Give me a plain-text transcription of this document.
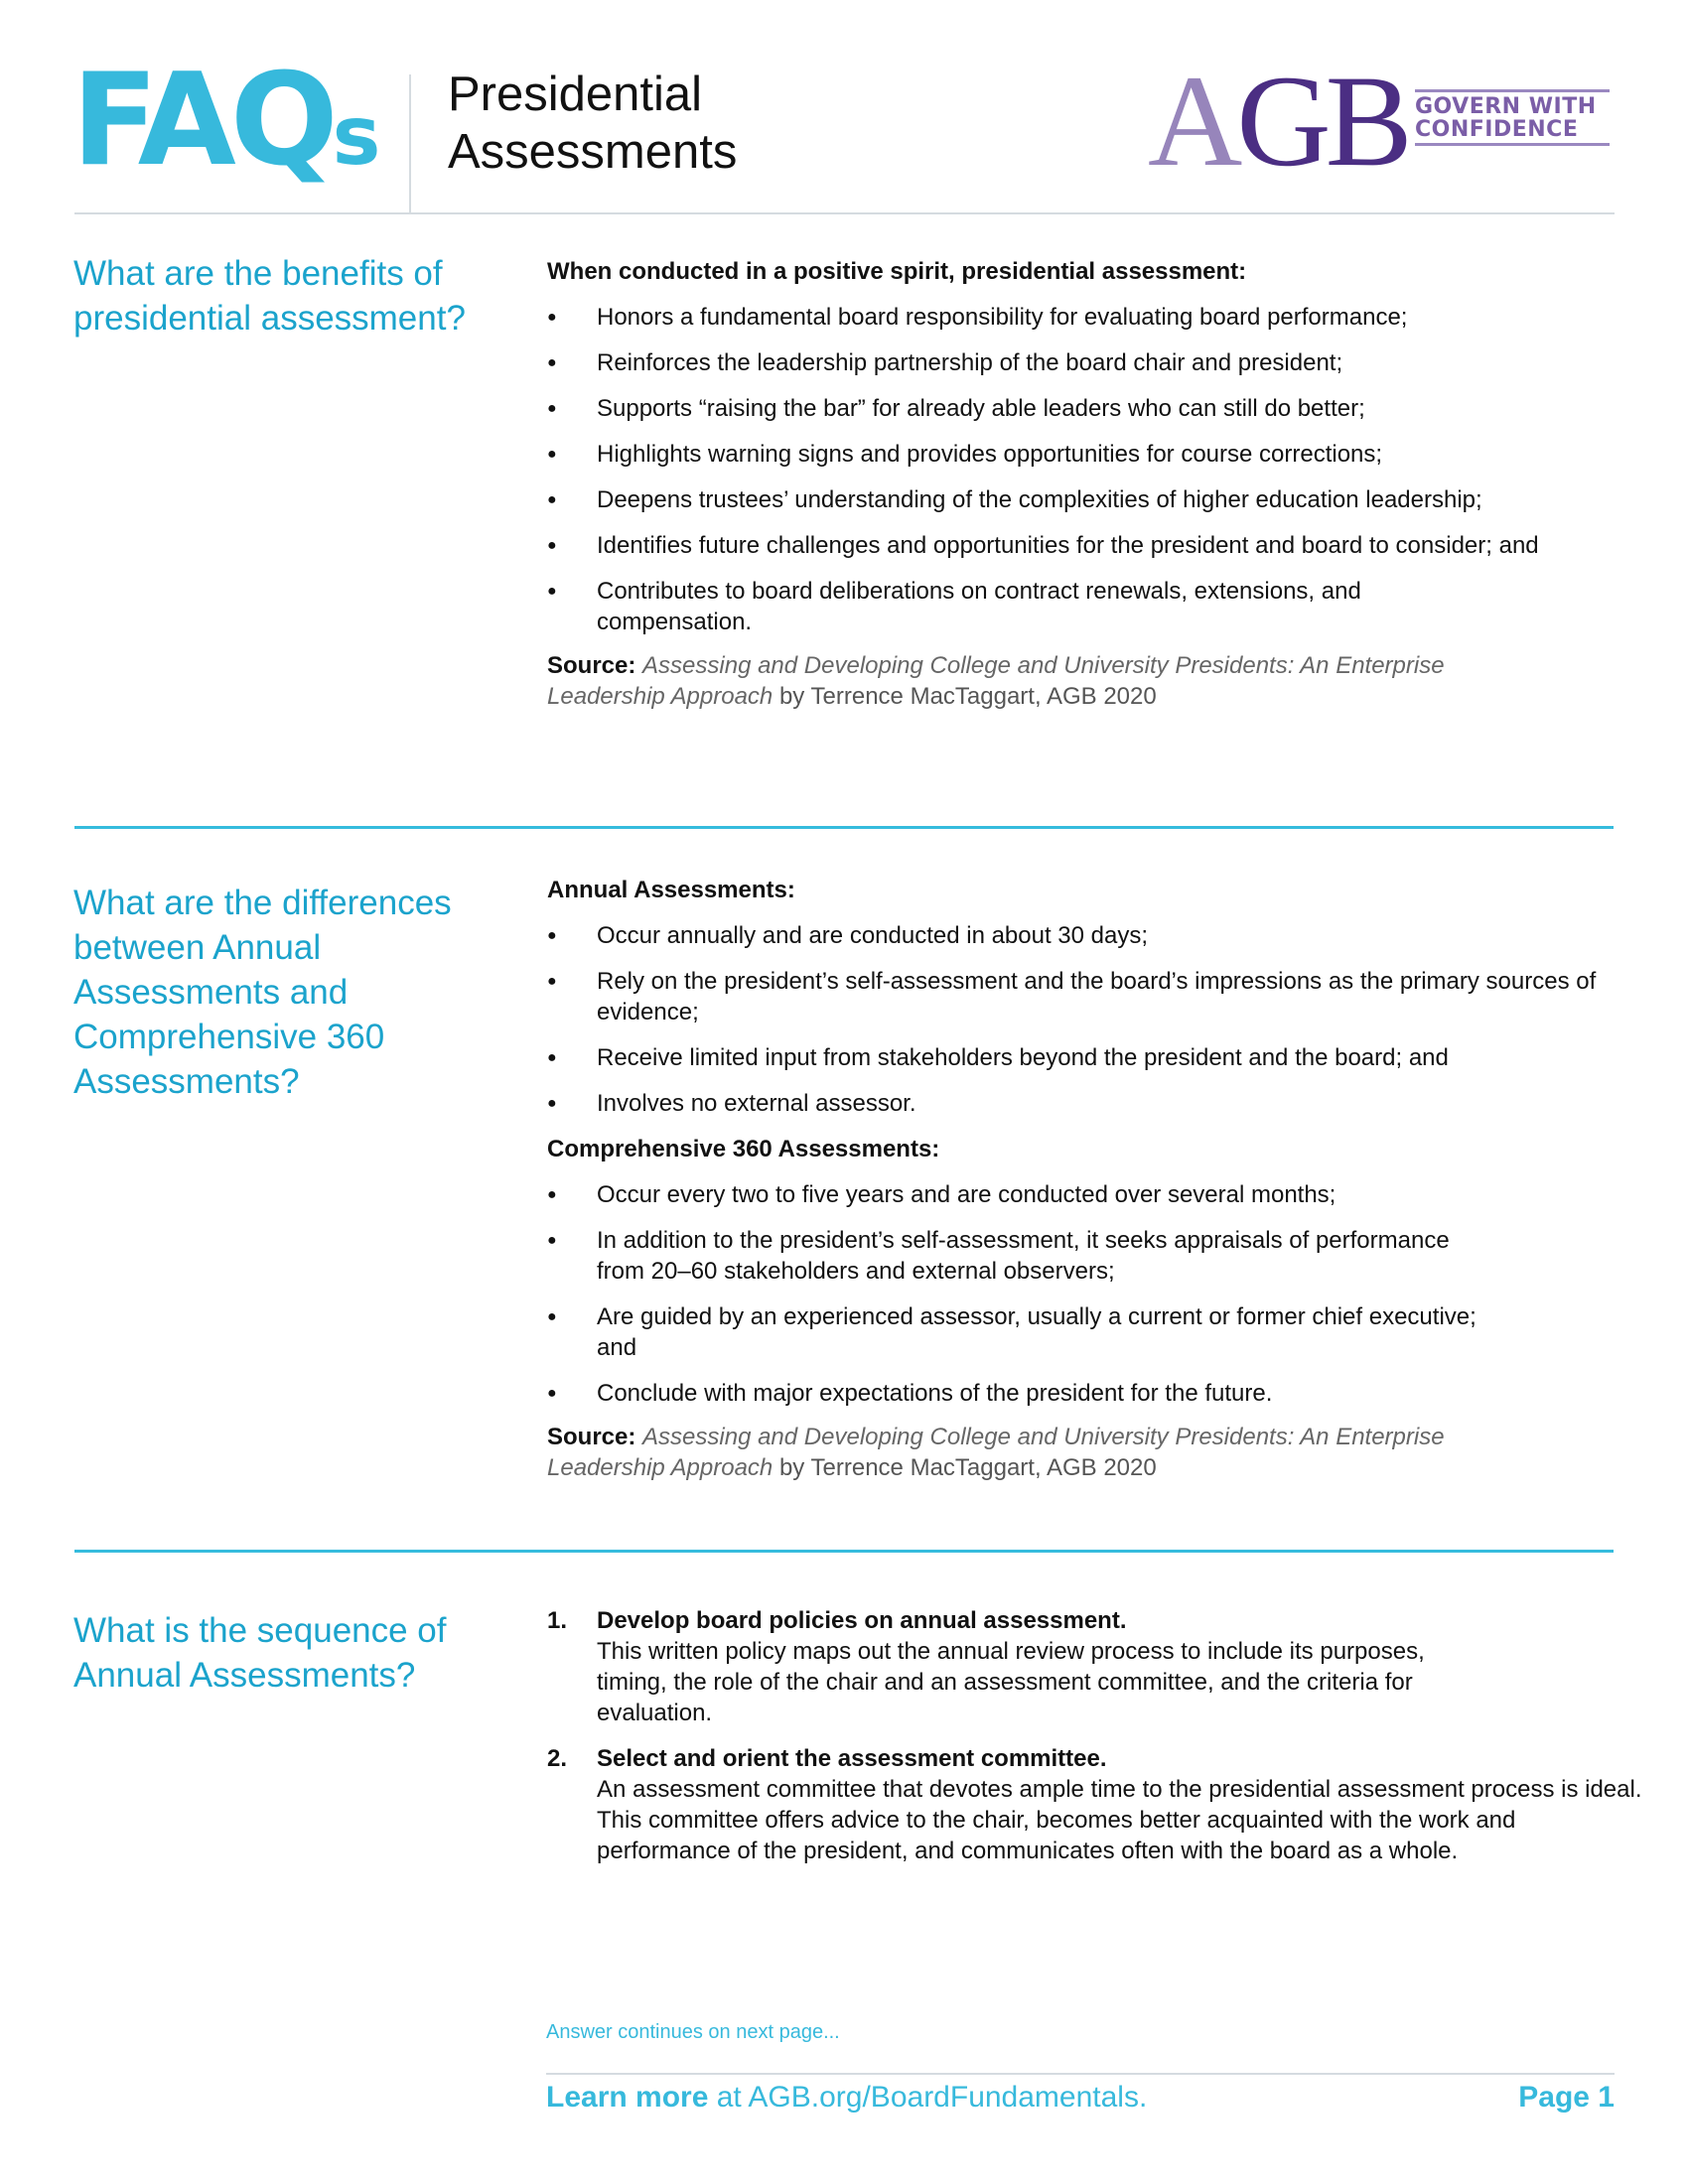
FAQs Presidential
Assessments	AGB GOVERN WITH
CONFIDENCE
What are the benefits of presidential assessment?

When conducted in a positive spirit, presidential assessment:

● Honors a fundamental board responsibility for evaluating board performance;
● Reinforces the leadership partnership of the board chair and president;
● Supports “raising the bar” for already able leaders who can still do better;
● Highlights warning signs and provides opportunities for course corrections;
● Deepens trustees’ understanding of the complexities of higher education leadership;
● Identifies future challenges and opportunities for the president and board to consider; and
● Contributes to board deliberations on contract renewals, extensions, and compensation.
Source: Assessing and Developing College and University Presidents: An Enterprise Leadership Approach by Terrence MacTaggart, AGB 2020
What are the differences between Annual Assessments and Comprehensive 360 Assessments?

Annual Assessments:

● Occur annually and are conducted in about 30 days;
● Rely on the president’s self-assessment and the board’s impressions as the primary sources of evidence;
● Receive limited input from stakeholders beyond the president and the board; and
● Involves no external assessor.

Comprehensive 360 Assessments:

● Occur every two to five years and are conducted over several months;
● In addition to the president’s self-assessment, it seeks appraisals of performance from 20–60 stakeholders and external observers;
● Are guided by an experienced assessor, usually a current or former chief executive; and
● Conclude with major expectations of the president for the future.
Source: Assessing and Developing College and University Presidents: An Enterprise Leadership Approach by Terrence MacTaggart, AGB 2020
What is the sequence of Annual Assessments?
1. Develop board policies on annual assessment.
This written policy maps out the annual review process to include its purposes, timing, the role of the chair and an assessment committee, and the criteria for evaluation.
2. Select and orient the assessment committee.
An assessment committee that devotes ample time to the presidential assessment process is ideal. This committee offers advice to the chair, becomes better acquainted with the work and performance of the president, and communicates often with the board as a whole.
Answer continues on next page...
Learn more at AGB.org/BoardFundamentals.	Page 1
